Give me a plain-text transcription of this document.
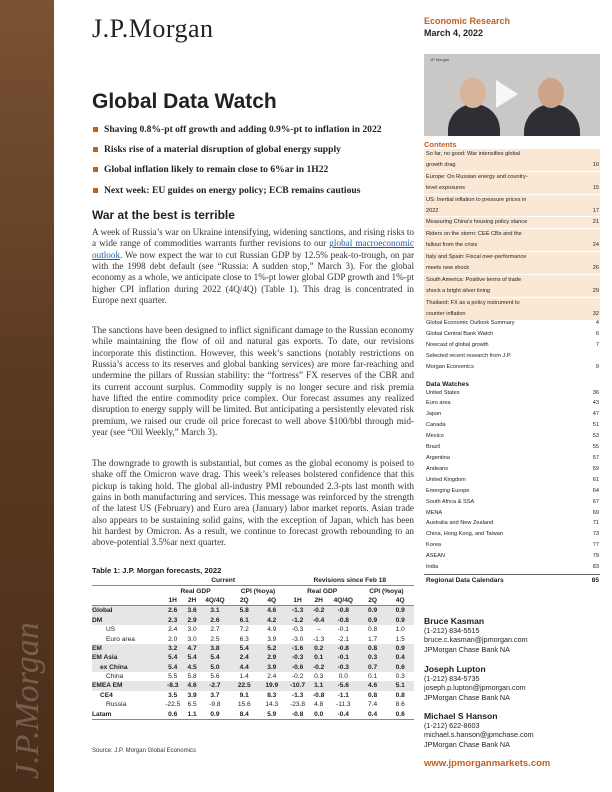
J.P.Morgan
J.P.Morgan	Economic Research
March 4, 2022
JP Morgan
Global Data Watch
Shaving 0.8%-pt off growth and adding 0.9%-pt to inflation in 2022
Risks rise of a material disruption of global energy supply
Global inflation likely to remain close to 6%ar in 1H22
Next week: EU guides on energy policy; ECB remains cautious
War at the best is terrible
A week of Russia’s war on Ukraine intensifying, widening sanctions, and rising risks to a wide range of commodities warrants further revisions to our global macroeconomic outlook. We now expect the war to cut Russian GDP by 12.5% peak-to-trough, on par with the 1998 debt default (see “Russia: A sudden stop,” March 3). For the global economy as a whole, we anticipate close to 1%-pt lower global GDP growth and 1%-pt higher CPI inflation during 2022 (4Q/4Q) (Table 1). This drag is concentrated in Europe next quarter.
The sanctions have been designed to inflict significant damage to the Russian economy while maintaining the flow of oil and natural gas exports. To date, our revisions incorporate this distinction. However, this week’s sanctions (notably restrictions on Russia’s access to its reserves and global banking services) are more far-reaching and undermine the pillars of Russian stability: the “fortress” FX reserves of the CBR and its current account surplus. Commodity supply is no longer secure and risk premia have lifted the entire commodity price complex. Our forecast assumes any realized disruption to energy supply will be limited. But anticipating a persistently elevated risk premium, we raised our crude oil price forecast to well above $100/bbl through mid-year (see “Oil Weekly,” March 3).
The downgrade to growth is substantial, but comes as the global economy is poised to shake off the Omicron wave drag. This week’s releases bolstered confidence that this pickup is taking hold. The global all-industry PMI rebounded 2.3-pts last month with gains in both manufacturing and services. This message was reinforced by the strength of the latest US (February) and Euro area (January) labor market reports. Asian trade also appears to be sustaining solid gains, with the exception of Japan, which has been hit hardest by Omicron. As a result, we continue to forecast growth rebounding to an above-potential 3.5%ar next quarter.
Contents
So far, no good: War intensifies global
growth drag	10
Europe: On Russian energy and country-
level exposures	15
US: Inertial inflation to pressure prices in
2022	17
Measuring China's housing policy stance	21
Riders on the storm: CEE CBs and the
fallout from the crisis	24
Italy and Spain: Fiscal over-performance
meets new shock	26
South America: Positive terms of trade
shock a bright silver lining	29
Thailand: FX as a policy instrument to
counter inflation	32
Global Economic Outlook Summary	4
Global Central Bank Watch	6
Nowcast of global growth	7
Selected recent research from J.P.
Morgan Economics	9
Data Watches
United States	36
Euro area	43
Japan	47
Canada	51
Mexico	53
Brazil	55
Argentina	57
Andeans	59
United Kingdom	61
Emerging Europe	64
South Africa & SSA	67
MENA	69
Australia and New Zealand	71
China, Hong Kong, and Taiwan	73
Korea	77
ASEAN	79
India	83
Regional Data Calendars	85
Table 1: J.P. Morgan forecasts, 2022
	Current					Revisions since Feb 18				
	Real GDP			CPI (%oya)		Real GDP			CPI (%oya)	
	1H	2H	4Q/4Q	2Q	4Q	1H	2H	4Q/4Q	2Q	4Q
Global	2.6	3.6	3.1	5.8	4.6	-1.3	-0.2	-0.8	0.9	0.9
DM	2.3	2.9	2.6	6.1	4.2	-1.2	-0.4	-0.8	0.9	0.9
US	2.4	3.0	2.7	7.2	4.9	-0.3	--	-0.1	0.8	1.0
Euro area	2.0	3.0	2.5	6.3	3.9	-3.0	-1.3	-2.1	1.7	1.5
EM	3.2	4.7	3.8	5.4	5.2	-1.6	0.2	-0.8	0.8	0.9
EM Asia	5.4	5.4	5.4	2.4	2.9	-0.3	0.1	-0.1	0.3	0.4
ex China	5.4	4.5	5.0	4.4	3.9	-0.6	-0.2	-0.3	0.7	0.6
China	5.5	5.8	5.6	1.4	2.4	-0.2	0.3	0.0	0.1	0.3
EMEA EM	-8.3	4.6	-2.7	22.5	19.9	-10.7	1.1	-5.6	4.6	5.1
CE4	3.5	3.9	3.7	9.1	8.3	-1.3	-0.8	-1.1	0.8	0.8
Russia	-22.5	6.5	-9.8	15.6	14.3	-23.8	4.8	-11.3	7.4	8.6
Latam	0.6	1.1	0.9	8.4	5.9	-0.8	0.0	-0.4	0.4	0.6
Source: J.P. Morgan Global Economics
Bruce Kasman
(1-212) 834-5515
bruce.c.kasman@jpmorgan.com
JPMorgan Chase Bank NA
Joseph Lupton
(1-212) 834-5735
joseph.p.lupton@jpmorgan.com
JPMorgan Chase Bank NA
Michael S Hanson
(1-212) 622-8603
michael.s.hanson@jpmchase.com
JPMorgan Chase Bank NA
www.jpmorganmarkets.com
